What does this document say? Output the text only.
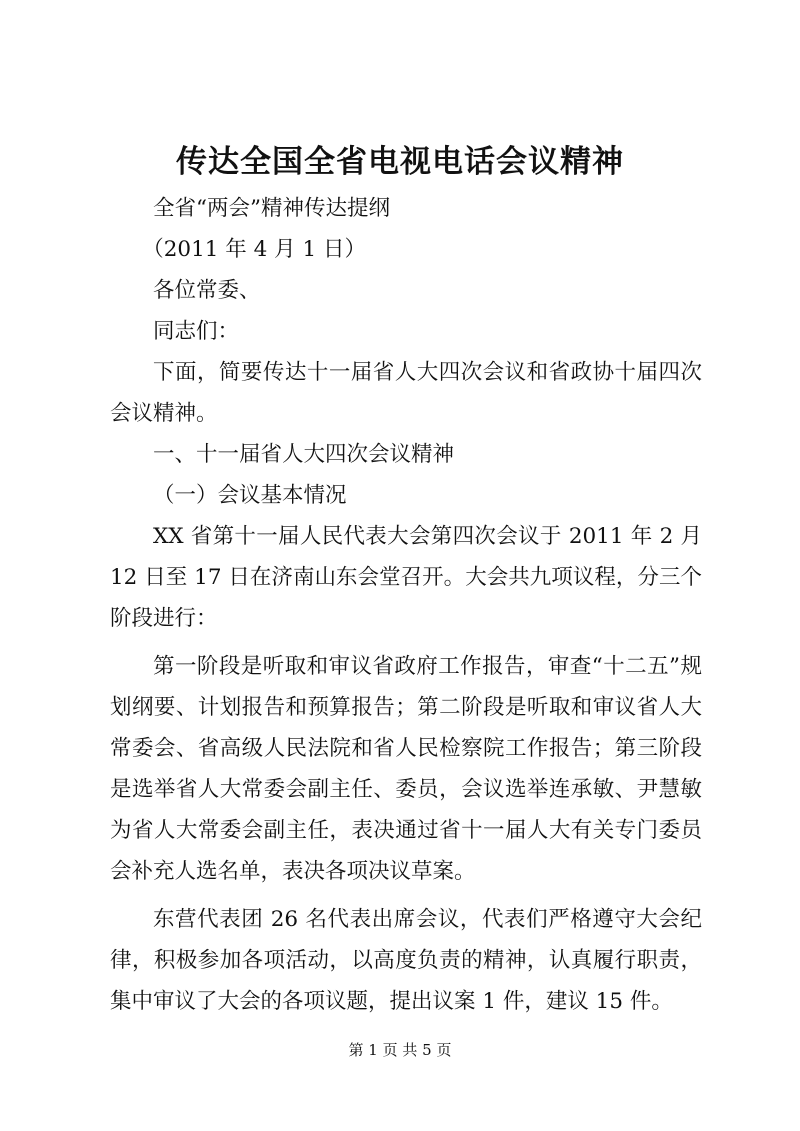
传达全国全省电视电话会议精神

全省“两会”精神传达提纲

（2011 年 4 月 1 日）

各位常委、

同志们：

下面，简要传达十一届省人大四次会议和省政协十届四次会议精神。

一、十一届省人大四次会议精神

（一）会议基本情况

XX 省第十一届人民代表大会第四次会议于 2011 年 2 月 12 日至 17 日在济南山东会堂召开。大会共九项议程，分三个阶段进行：

第一阶段是听取和审议省政府工作报告，审查“十二五”规划纲要、计划报告和预算报告；第二阶段是听取和审议省人大常委会、省高级人民法院和省人民检察院工作报告；第三阶段是选举省人大常委会副主任、委员，会议选举连承敏、尹慧敏为省人大常委会副主任，表决通过省十一届人大有关专门委员会补充人选名单，表决各项决议草案。

东营代表团 26 名代表出席会议，代表们严格遵守大会纪律，积极参加各项活动，以高度负责的精神，认真履行职责，集中审议了大会的各项议题，提出议案 1 件，建议 15 件。

第 1 页 共 5 页
